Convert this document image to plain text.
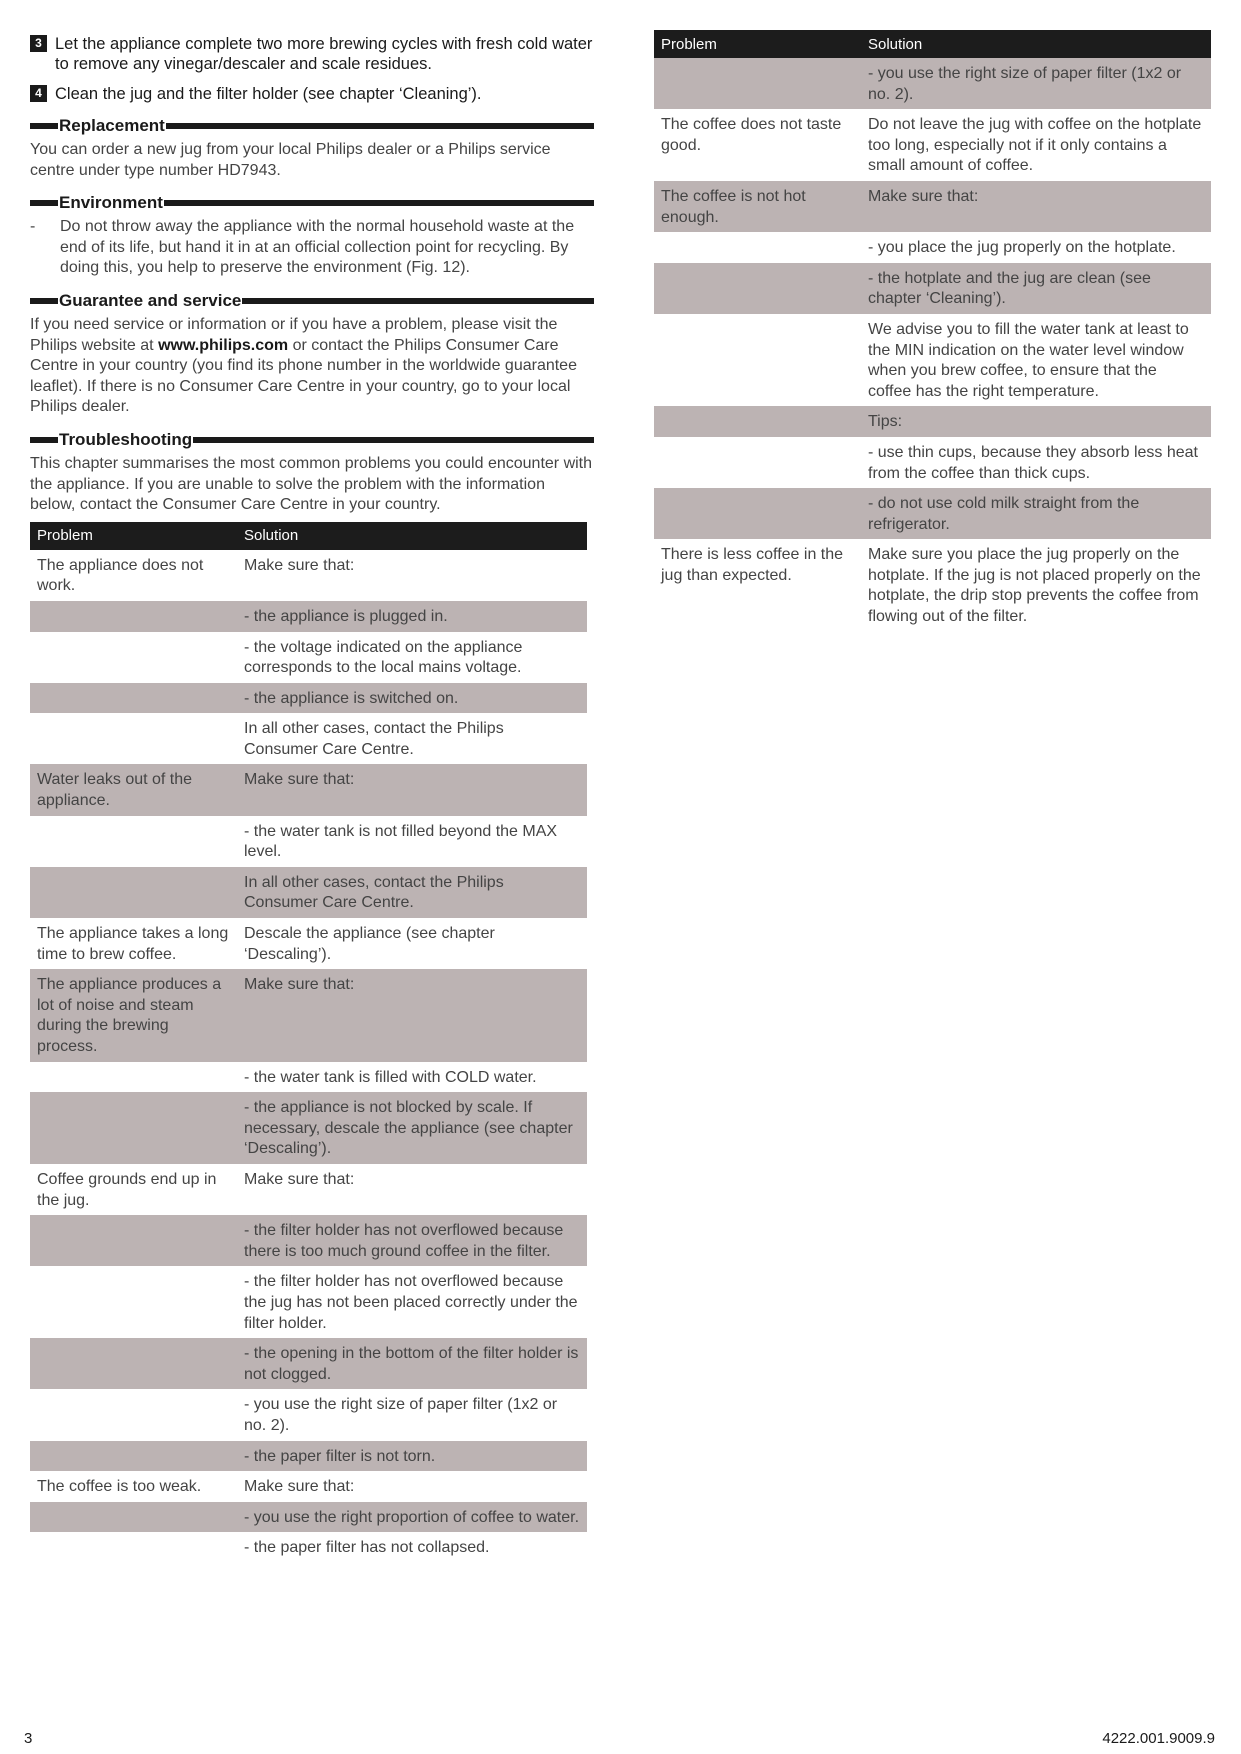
3 Let the appliance complete two more brewing cycles with fresh cold water to remove any vinegar/descaler and scale residues.
4 Clean the jug and the filter holder (see chapter ‘Cleaning’).
Replacement

You can order a new jug from your local Philips dealer or a Philips service centre under type number HD7943.

Environment
-	Do not throw away the appliance with the normal household waste at the end of its life, but hand it in at an official collection point for recycling. By doing this, you help to preserve the environment (Fig. 12).
Guarantee and service

If you need service or information or if you have a problem, please visit the Philips website at www.philips.com or contact the Philips Consumer Care Centre in your country (you find its phone number in the worldwide guarantee leaflet). If there is no Consumer Care Centre in your country, go to your local Philips dealer.

Troubleshooting

This chapter summarises the most common problems you could encounter with the appliance. If you are unable to solve the problem with the information below, contact the Consumer Care Centre in your country.

Problem	Solution
The appliance does not work.	Make sure that:
	- the appliance is plugged in.
	- the voltage indicated on the appliance corresponds to the local mains voltage.
	- the appliance is switched on.
	In all other cases, contact the Philips Consumer Care Centre.
Water leaks out of the appliance.	Make sure that:
	- the water tank is not filled beyond the MAX level.
	In all other cases, contact the Philips Consumer Care Centre.
The appliance takes a long time to brew coffee.	Descale the appliance (see chapter ‘Descaling’).
The appliance produces a lot of noise and steam during the brewing process.	Make sure that:
	- the water tank is filled with COLD water.
	- the appliance is not blocked by scale. If necessary, descale the appliance (see chapter ‘Descaling’).
Coffee grounds end up in the jug.	Make sure that:
	- the filter holder has not overflowed because there is too much ground coffee in the filter.
	- the filter holder has not overflowed because the jug has not been placed correctly under the filter holder.
	- the opening in the bottom of the filter holder is not clogged.
	- you use the right size of paper filter (1x2 or no. 2).
	- the paper filter is not torn.
The coffee is too weak.	Make sure that:
	- you use the right proportion of coffee to water.
	- the paper filter has not collapsed.
Problem	Solution
	- you use the right size of paper filter (1x2 or no. 2).
The coffee does not taste good.	Do not leave the jug with coffee on the hotplate too long, especially not if it only contains a small amount of coffee.
The coffee is not hot enough.	Make sure that:
	- you place the jug properly on the hotplate.
	- the hotplate and the jug are clean (see chapter ‘Cleaning’).
	We advise you to fill the water tank at least to the MIN indication on the water level window when you brew coffee, to ensure that the coffee has the right temperature.
	Tips:
	- use thin cups, because they absorb less heat from the coffee than thick cups.
	- do not use cold milk straight from the refrigerator.
There is less coffee in the jug than expected.	Make sure you place the jug properly on the hotplate. If the jug is not placed properly on the hotplate, the drip stop prevents the coffee from flowing out of the filter.
3	4222.001.9009.9
